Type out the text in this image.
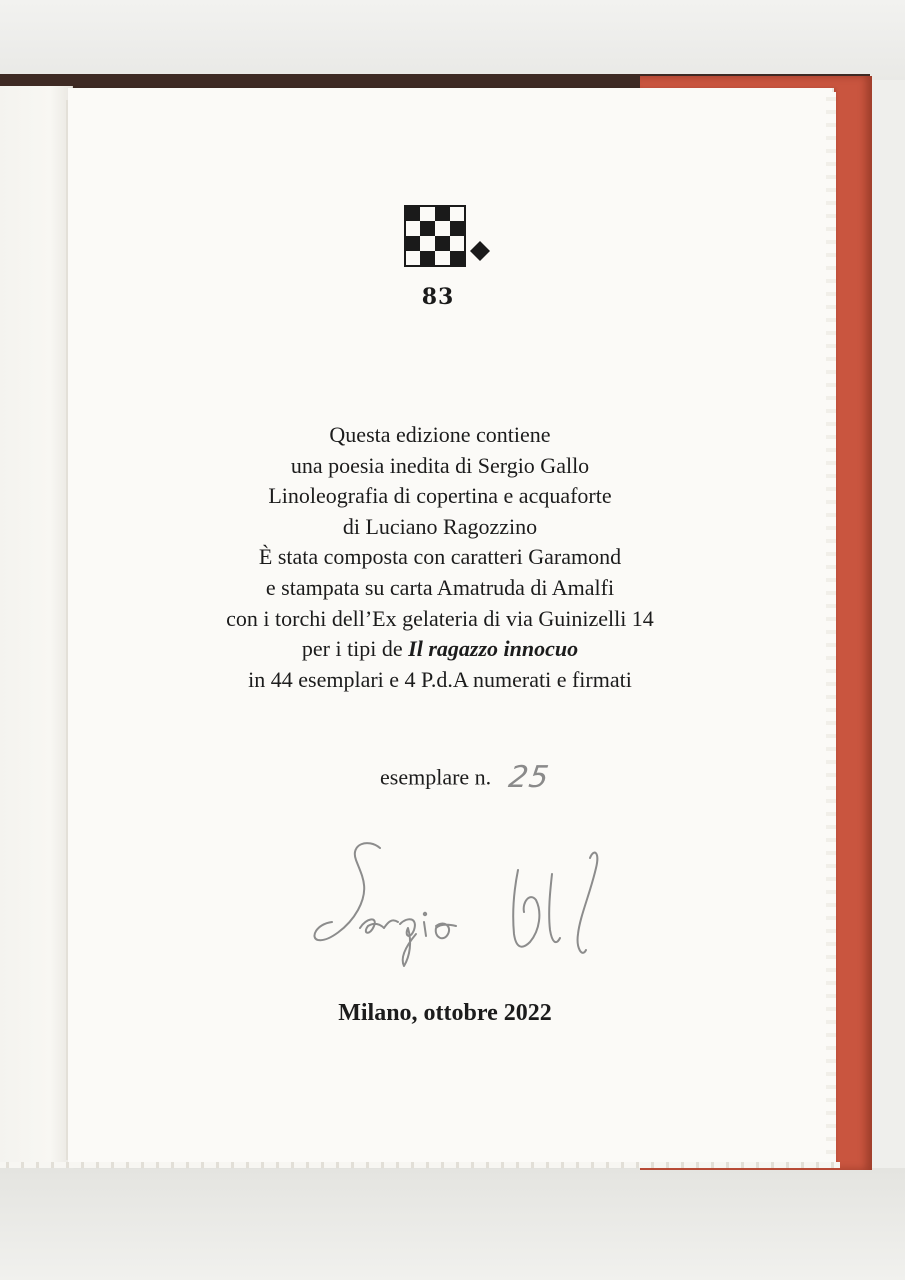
83
Questa edizione contiene
una poesia inedita di Sergio Gallo
Linoleografia di copertina e acquaforte
di Luciano Ragozzino
È stata composta con caratteri Garamond
e stampata su carta Amatruda di Amalfi
con i torchi dell’Ex gelateria di via Guinizelli 14
per i tipi de Il ragazzo innocuo
in 44 esemplari e 4 P.d.A numerati e firmati
esemplare n. 25
Milano, ottobre 2022
